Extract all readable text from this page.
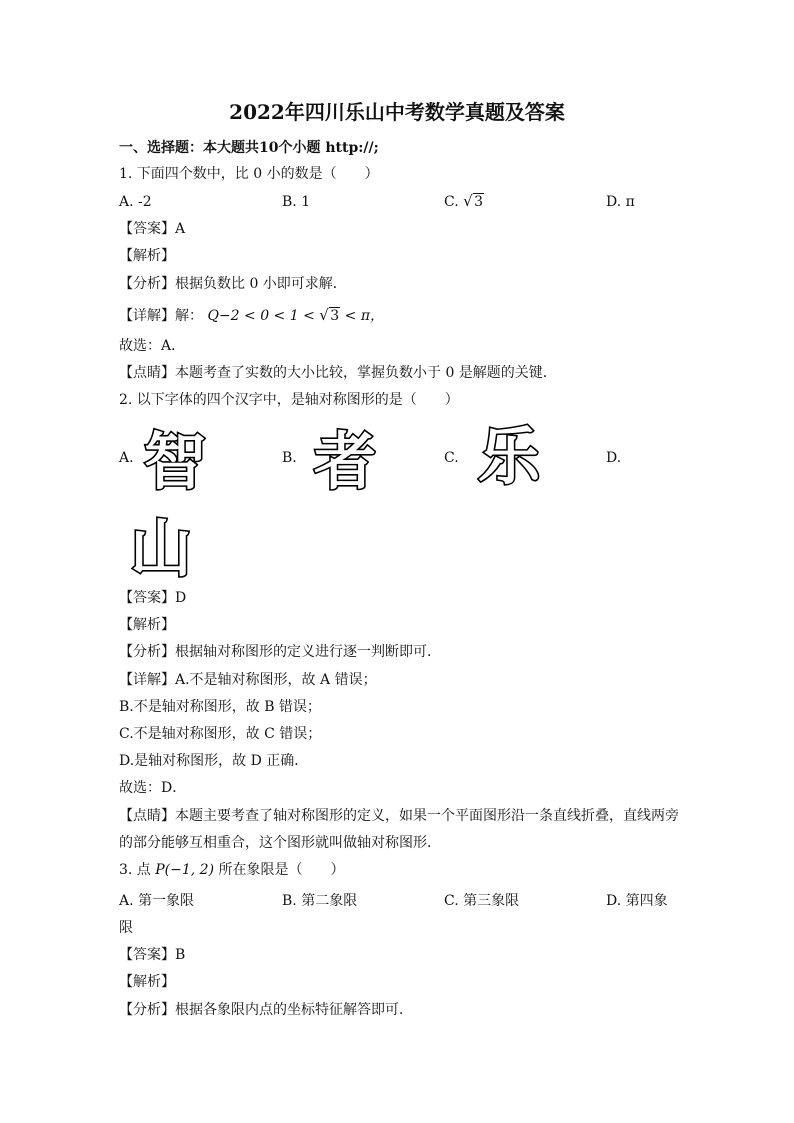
2022年四川乐山中考数学真题及答案
一、选择题：本大题共10个小题 http://;
1. 下面四个数中，比 0 小的数是（　　）
A. -2	B. 1	C. √ 3	D. π
【答案】A
【解析】
【分析】根据负数比 0 小即可求解．
【详解】解： Q−2 < 0 < 1 < √ 3 < π，
故选：A．
【点睛】本题考查了实数的大小比较，掌握负数小于 0 是解题的关键．
2. 以下字体的四个汉字中，是轴对称图形的是（　　）
A.	B.	C.	D.
智 者 乐
山
【答案】D
【解析】
【分析】根据轴对称图形的定义进行逐一判断即可.
【详解】A.不是轴对称图形，故 A 错误；
B.不是轴对称图形，故 B 错误；
C.不是轴对称图形，故 C 错误；
D.是轴对称图形，故 D 正确．
故选：D．
【点睛】本题主要考查了轴对称图形的定义，如果一个平面图形沿一条直线折叠，直线两旁
的部分能够互相重合，这个图形就叫做轴对称图形．
3. 点 P(−1, 2) 所在象限是（　　）
A. 第一象限	B. 第二象限	C. 第三象限	D. 第四象
限
【答案】B
【解析】
【分析】根据各象限内点的坐标特征解答即可．
